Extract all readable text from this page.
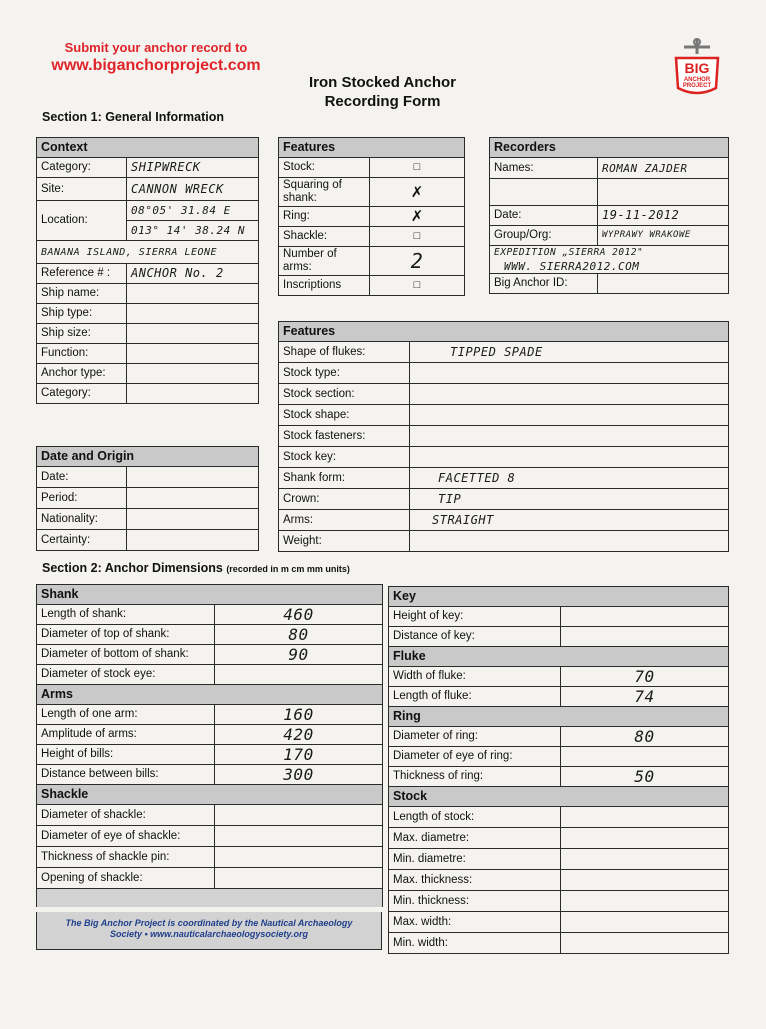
Submit your anchor record to
www.biganchorproject.com
Iron Stocked Anchor
Recording Form
BIG
ANCHOR
PROJECT
Section 1: General Information
Context	
Category:	SHIPWRECK
Site:	CANNON WRECK
Location:	08°05' 31.84 E
	013° 14' 38.24 N
BANANA ISLAND, SIERRA LEONE	
Reference # :	ANCHOR No. 2
Ship name:	
Ship type:	
Ship size:	
Function:	
Anchor type:	
Category:	
Features	
Stock:	□
Squaring of shank:	✗
Ring:	✗
Shackle:	□
Number of arms:	2
Inscriptions	□
Recorders	
Names:	ROMAN ZAJDER

Date:	19-11-2012
Group/Org:	WYPRAWY WRAKOWE
EXPEDITION „SIERRA 2012"	
WWW. SIERRA2012.COM	
Big Anchor ID:	
Features	
Shape of flukes:	TIPPED SPADE
Stock type:	
Stock section:	
Stock shape:	
Stock fasteners:	
Stock key:	
Shank form:	FACETTED 8
Crown:	TIP
Arms:	STRAIGHT
Weight:	
Date and Origin	
Date:	
Period:	
Nationality:	
Certainty:	
Section 2: Anchor Dimensions (recorded in m cm mm units)
Shank	
Length of shank:	460
Diameter of top of shank:	80
Diameter of bottom of shank:	90
Diameter of stock eye:	
Arms	
Length of one arm:	160
Amplitude of arms:	420
Height of bills:	170
Distance between bills:	300
Shackle	
Diameter of shackle:	
Diameter of eye of shackle:	
Thickness of shackle pin:	
Opening of shackle:	

The Big Anchor Project is coordinated by the Nautical Archaeology
Society • www.nauticalarchaeologysociety.org
Key	
Height of key:	
Distance of key:	
Fluke	
Width of fluke:	70
Length of fluke:	74
Ring	
Diameter of ring:	80
Diameter of eye of ring:	
Thickness of ring:	50
Stock	
Length of stock:	
Max. diametre:	
Min. diametre:	
Max. thickness:	
Min. thickness:	
Max. width:	
Min. width:	
